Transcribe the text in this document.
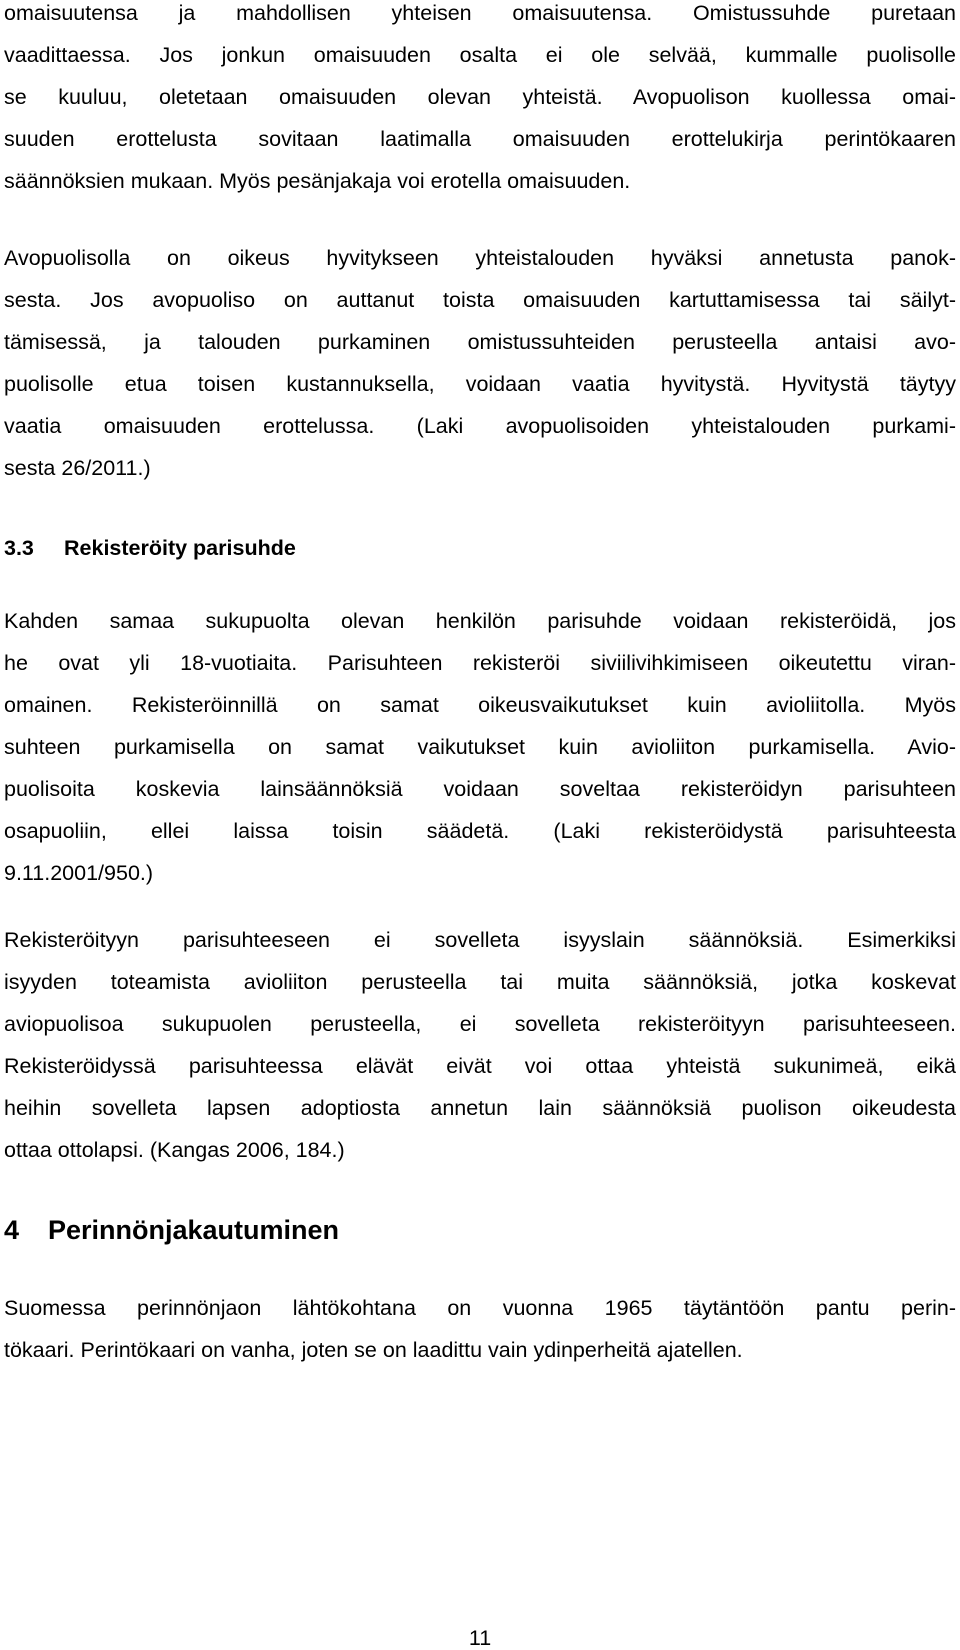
omaisuutensa ja mahdollisen yhteisen omaisuutensa. Omistussuhde puretaan
vaadittaessa. Jos jonkun omaisuuden osalta ei ole selvää, kummalle puolisolle
se kuuluu, oletetaan omaisuuden olevan yhteistä. Avopuolison kuollessa omai-
suuden erottelusta sovitaan laatimalla omaisuuden erottelukirja perintökaaren
säännöksien mukaan. Myös pesänjakaja voi erotella omaisuuden.
Avopuolisolla on oikeus hyvitykseen yhteistalouden hyväksi annetusta panok-
sesta. Jos avopuoliso on auttanut toista omaisuuden kartuttamisessa tai säilyt-
tämisessä, ja talouden purkaminen omistussuhteiden perusteella antaisi avo-
puolisolle etua toisen kustannuksella, voidaan vaatia hyvitystä. Hyvitystä täytyy
vaatia omaisuuden erottelussa. (Laki avopuolisoiden yhteistalouden purkami-
sesta 26/2011.)
3.3 Rekisteröity parisuhde
Kahden samaa sukupuolta olevan henkilön parisuhde voidaan rekisteröidä, jos
he ovat yli 18-vuotiaita. Parisuhteen rekisteröi siviilivihkimiseen oikeutettu viran-
omainen. Rekisteröinnillä on samat oikeusvaikutukset kuin avioliitolla. Myös
suhteen purkamisella on samat vaikutukset kuin avioliiton purkamisella. Avio-
puolisoita koskevia lainsäännöksiä voidaan soveltaa rekisteröidyn parisuhteen
osapuoliin, ellei laissa toisin säädetä. (Laki rekisteröidystä parisuhteesta
9.11.2001/950.)
Rekisteröityyn parisuhteeseen ei sovelleta isyyslain säännöksiä. Esimerkiksi
isyyden toteamista avioliiton perusteella tai muita säännöksiä, jotka koskevat
aviopuolisoa sukupuolen perusteella, ei sovelleta rekisteröityyn parisuhteeseen.
Rekisteröidyssä parisuhteessa elävät eivät voi ottaa yhteistä sukunimeä, eikä
heihin sovelleta lapsen adoptiosta annetun lain säännöksiä puolison oikeudesta
ottaa ottolapsi. (Kangas 2006, 184.)
4 Perinnönjakautuminen
Suomessa perinnönjaon lähtökohtana on vuonna 1965 täytäntöön pantu perin-
tökaari. Perintökaari on vanha, joten se on laadittu vain ydinperheitä ajatellen.
11
